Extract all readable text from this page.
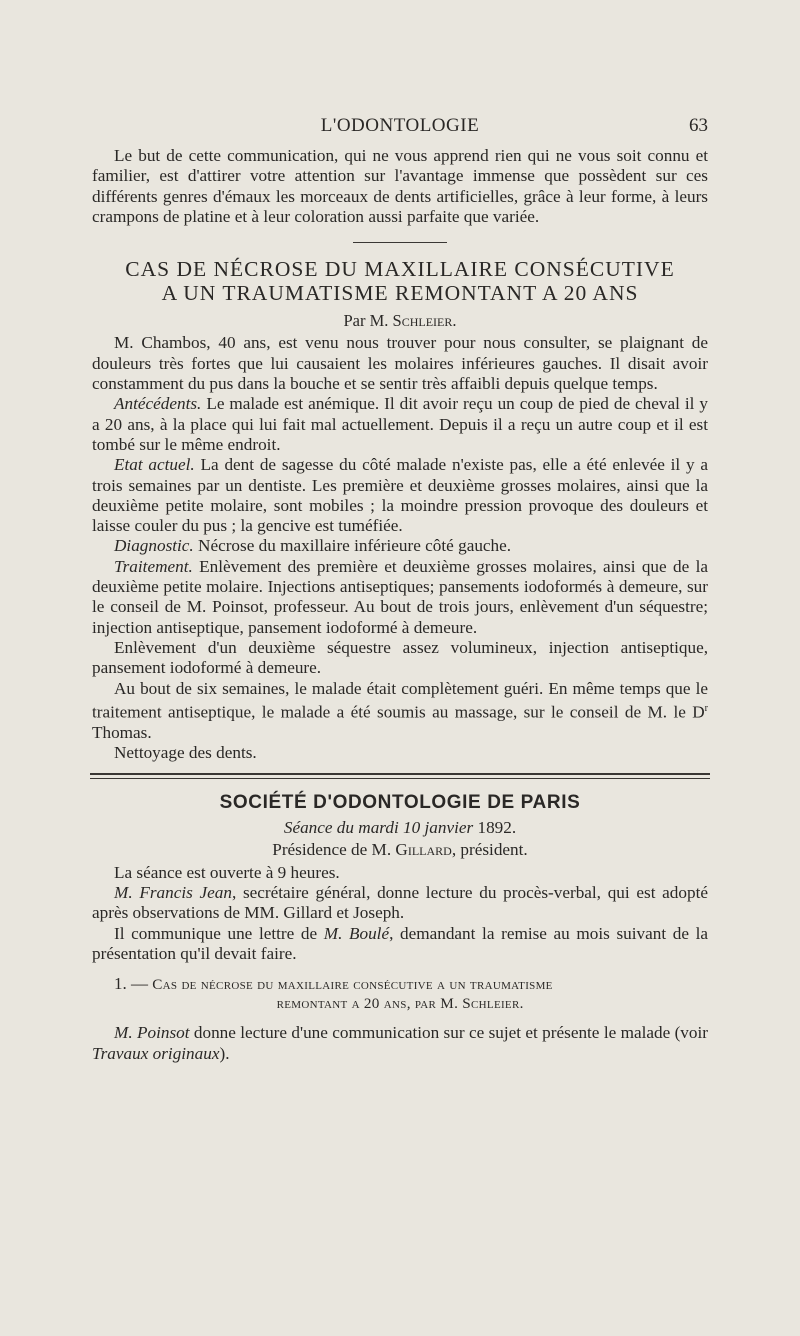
L'ODONTOLOGIE	63

Le but de cette communication, qui ne vous apprend rien qui ne vous soit connu et familier, est d'attirer votre attention sur l'avantage immense que possèdent sur ces différents genres d'émaux les morceaux de dents artificielles, grâce à leur forme, à leurs crampons de platine et à leur coloration aussi parfaite que variée.

CAS DE NÉCROSE DU MAXILLAIRE CONSÉCUTIVE

A UN TRAUMATISME REMONTANT A 20 ANS

Par M. Schleier.

M. Chambos, 40 ans, est venu nous trouver pour nous consulter, se plaignant de douleurs très fortes que lui causaient les molaires inférieures gauches. Il disait avoir constamment du pus dans la bouche et se sentir très affaibli depuis quelque temps.

Antécédents. Le malade est anémique. Il dit avoir reçu un coup de pied de cheval il y a 20 ans, à la place qui lui fait mal actuellement. Depuis il a reçu un autre coup et il est tombé sur le même endroit.

Etat actuel. La dent de sagesse du côté malade n'existe pas, elle a été enlevée il y a trois semaines par un dentiste. Les première et deuxième grosses molaires, ainsi que la deuxième petite molaire, sont mobiles ; la moindre pression provoque des douleurs et laisse couler du pus ; la gencive est tuméfiée.

Diagnostic. Nécrose du maxillaire inférieure côté gauche.

Traitement. Enlèvement des première et deuxième grosses molaires, ainsi que de la deuxième petite molaire. Injections antiseptiques; pansements iodoformés à demeure, sur le conseil de M. Poinsot, professeur. Au bout de trois jours, enlèvement d'un séquestre; injection antiseptique, pansement iodoformé à demeure.

Enlèvement d'un deuxième séquestre assez volumineux, injection antiseptique, pansement iodoformé à demeure.

Au bout de six semaines, le malade était complètement guéri. En même temps que le traitement antiseptique, le malade a été soumis au massage, sur le conseil de M. le $D^r$ Thomas.

Nettoyage des dents.

SOCIÉTÉ D'ODONTOLOGIE DE PARIS

Séance du mardi 10 janvier 1892.

Présidence de M. Gillard, président.

La séance est ouverte à 9 heures.

M. Francis Jean, secrétaire général, donne lecture du procès-verbal, qui est adopté après observations de MM. Gillard et Joseph.

Il communique une lettre de M. Boulé, demandant la remise au mois suivant de la présentation qu'il devait faire.

1. — Cas de nécrose du maxillaire consécutive a un traumatisme

remontant a 20 ans, par M. Schleier.

M. Poinsot donne lecture d'une communication sur ce sujet et présente le malade (voir Travaux originaux).
